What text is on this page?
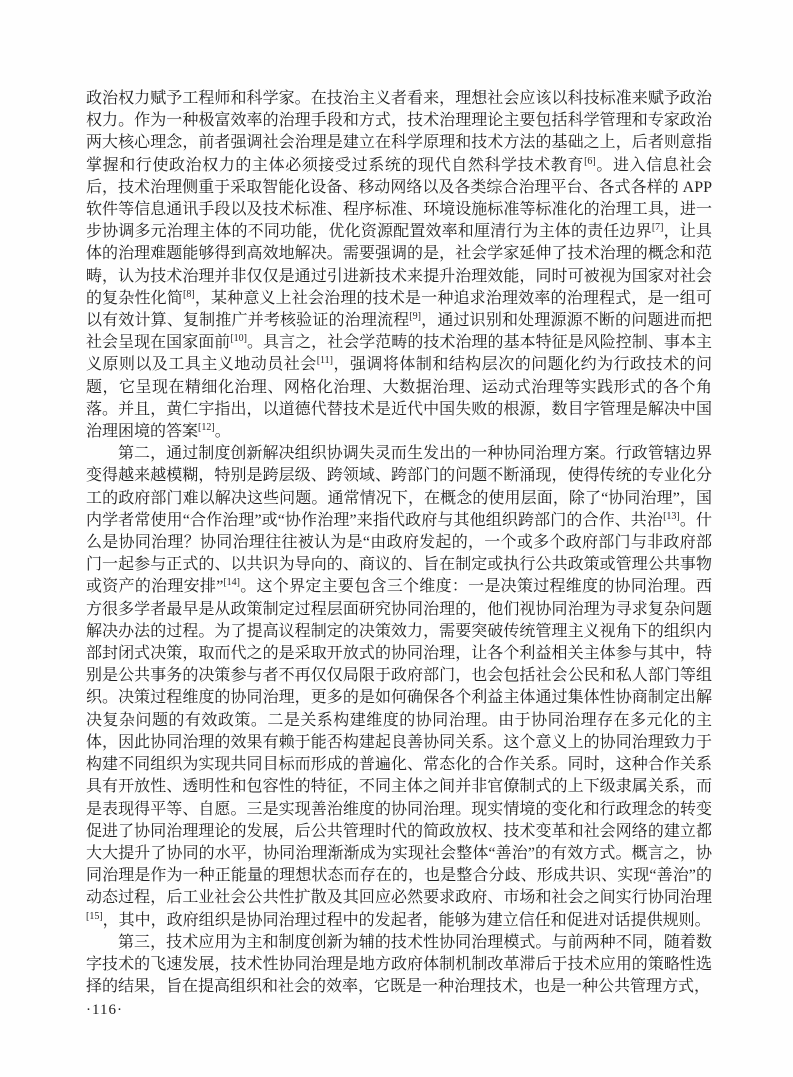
政治权力赋予工程师和科学家。在技治主义者看来，理想社会应该以科技标准来赋予政治权力。作为一种极富效率的治理手段和方式，技术治理理论主要包括科学管理和专家政治两大核心理念，前者强调社会治理是建立在科学原理和技术方法的基础之上，后者则意指掌握和行使政治权力的主体必须接受过系统的现代自然科学技术教育[6]。进入信息社会后，技术治理侧重于采取智能化设备、移动网络以及各类综合治理平台、各式各样的 APP 软件等信息通讯手段以及技术标准、程序标准、环境设施标准等标准化的治理工具，进一步协调多元治理主体的不同功能，优化资源配置效率和厘清行为主体的责任边界[7]，让具体的治理难题能够得到高效地解决。需要强调的是，社会学家延伸了技术治理的概念和范畴，认为技术治理并非仅仅是通过引进新技术来提升治理效能，同时可被视为国家对社会的复杂性化简[8]，某种意义上社会治理的技术是一种追求治理效率的治理程式，是一组可以有效计算、复制推广并考核验证的治理流程[9]，通过识别和处理源源不断的问题进而把社会呈现在国家面前[10]。具言之，社会学范畴的技术治理的基本特征是风险控制、事本主义原则以及工具主义地动员社会[11]，强调将体制和结构层次的问题化约为行政技术的问题，它呈现在精细化治理、网格化治理、大数据治理、运动式治理等实践形式的各个角落。并且，黄仁宇指出，以道德代替技术是近代中国失败的根源，数目字管理是解决中国治理困境的答案[12]。

第二，通过制度创新解决组织协调失灵而生发出的一种协同治理方案。行政管辖边界变得越来越模糊，特别是跨层级、跨领域、跨部门的问题不断涌现，使得传统的专业化分工的政府部门难以解决这些问题。通常情况下，在概念的使用层面，除了“协同治理”，国内学者常使用“合作治理”或“协作治理”来指代政府与其他组织跨部门的合作、共治[13]。什么是协同治理？协同治理往往被认为是“由政府发起的，一个或多个政府部门与非政府部门一起参与正式的、以共识为导向的、商议的、旨在制定或执行公共政策或管理公共事物或资产的治理安排”[14]。这个界定主要包含三个维度：一是决策过程维度的协同治理。西方很多学者最早是从政策制定过程层面研究协同治理的，他们视协同治理为寻求复杂问题解决办法的过程。为了提高议程制定的决策效力，需要突破传统管理主义视角下的组织内部封闭式决策，取而代之的是采取开放式的协同治理，让各个利益相关主体参与其中，特别是公共事务的决策参与者不再仅仅局限于政府部门，也会包括社会公民和私人部门等组织。决策过程维度的协同治理，更多的是如何确保各个利益主体通过集体性协商制定出解决复杂问题的有效政策。二是关系构建维度的协同治理。由于协同治理存在多元化的主体，因此协同治理的效果有赖于能否构建起良善协同关系。这个意义上的协同治理致力于构建不同组织为实现共同目标而形成的普遍化、常态化的合作关系。同时，这种合作关系具有开放性、透明性和包容性的特征，不同主体之间并非官僚制式的上下级隶属关系，而是表现得平等、自愿。三是实现善治维度的协同治理。现实情境的变化和行政理念的转变促进了协同治理理论的发展，后公共管理时代的简政放权、技术变革和社会网络的建立都大大提升了协同的水平，协同治理渐渐成为实现社会整体“善治”的有效方式。概言之，协同治理是作为一种正能量的理想状态而存在的，也是整合分歧、形成共识、实现“善治”的动态过程，后工业社会公共性扩散及其回应必然要求政府、市场和社会之间实行协同治理[15]，其中，政府组织是协同治理过程中的发起者，能够为建立信任和促进对话提供规则。

第三，技术应用为主和制度创新为辅的技术性协同治理模式。与前两种不同，随着数字技术的飞速发展，技术性协同治理是地方政府体制机制改革滞后于技术应用的策略性选择的结果，旨在提高组织和社会的效率，它既是一种治理技术，也是一种公共管理方式，

·116·
